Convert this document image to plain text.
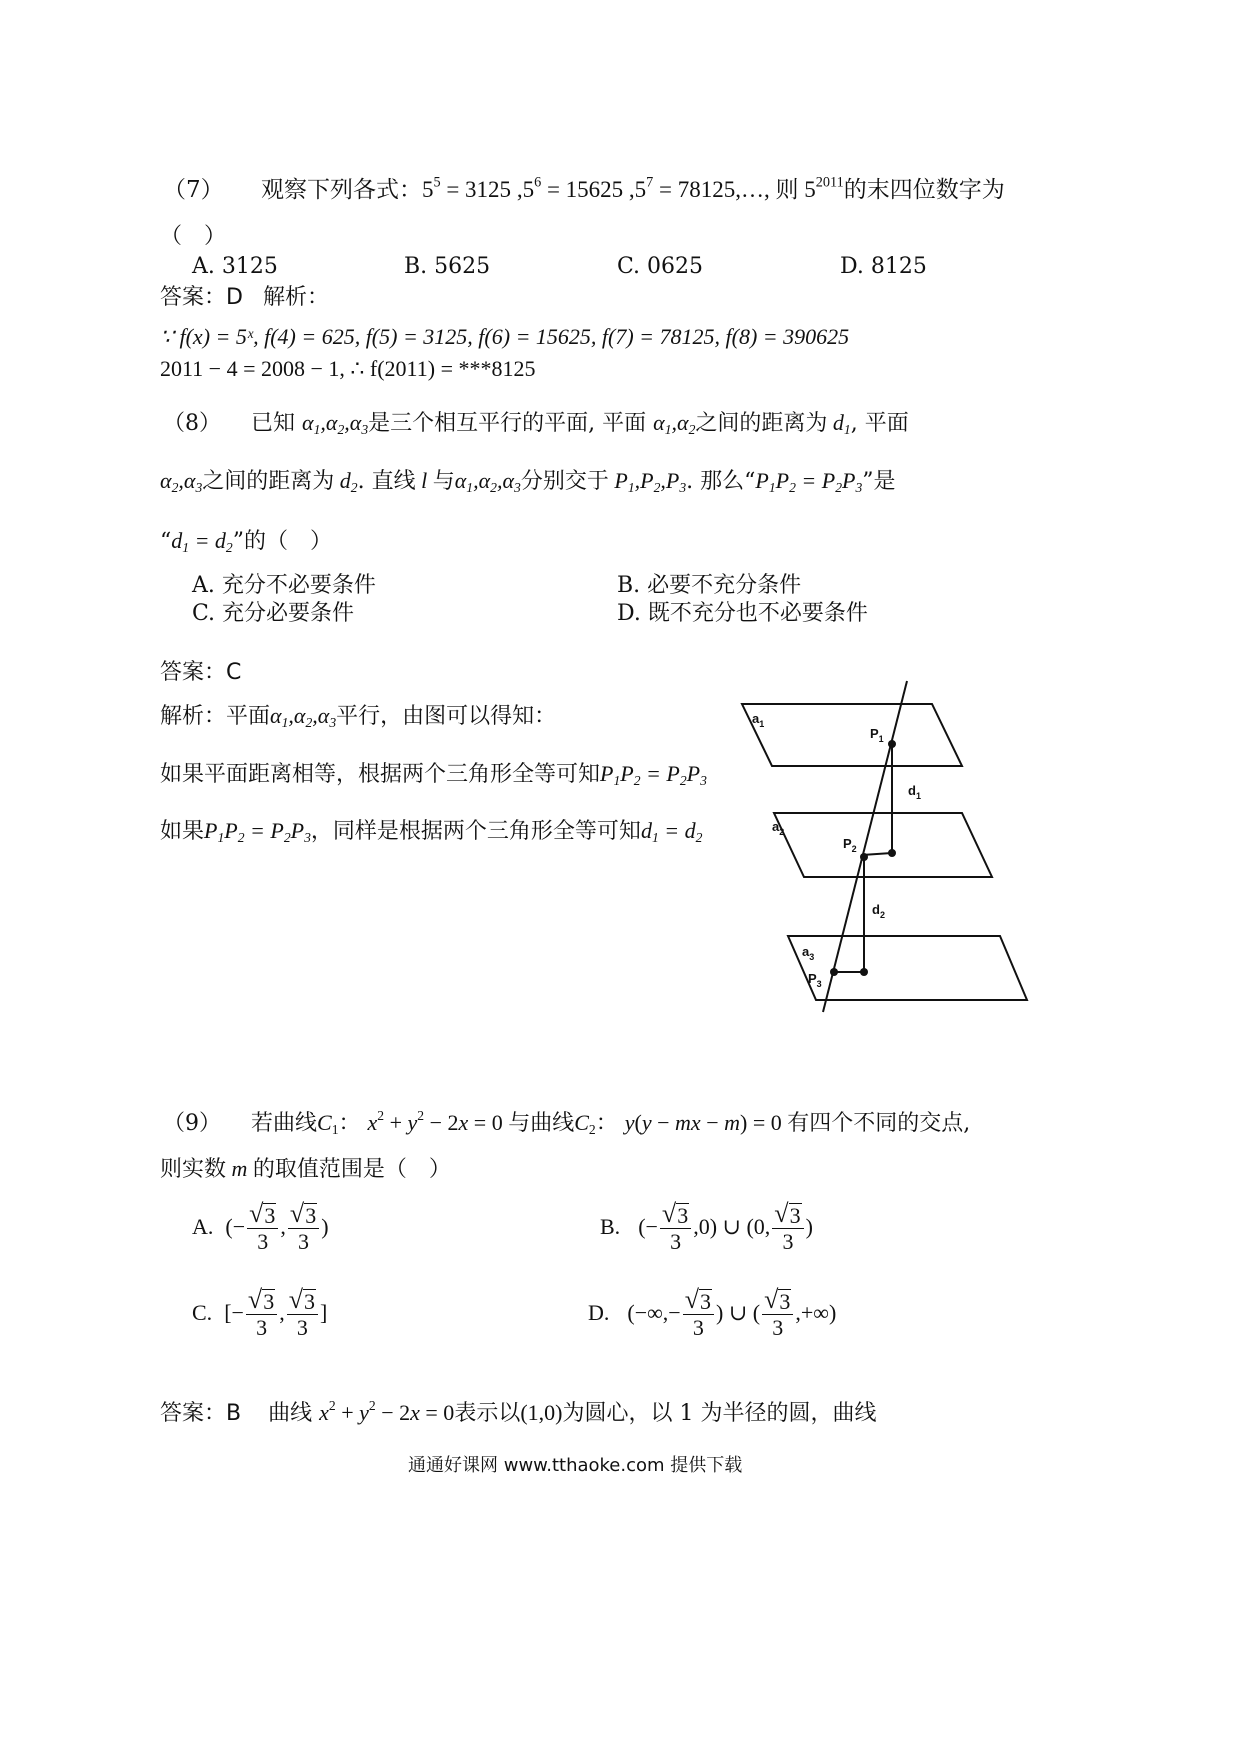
（7） 观察下列各式：$5^5 = 3125$ $,5^6 = 15625$ $,5^7$ = 78125,…, 则 $5^{2011}$的末四位数字为
（　）
A. 3125	B. 5625	C. 0625	D. 8125
答案：D 解析：
∵ f(x) = 5ˣ, f(4) = 625, f(5) = 3125, f(6) = 15625, f(7) = 78125, f(8) = 390625
2011 − 4 = 2008 − 1, ∴ f(2011) = ***8125
（8） 已知 $\alpha_1,\alpha_2,\alpha_3$是三个相互平行的平面, 平面 $\alpha_1,\alpha_2$之间的距离为 $d_1$, 平面
$\alpha_2,\alpha_3$之间的距离为 $d_2$. 直线 l 与$\alpha_1,\alpha_2,\alpha_3$分别交于 $P_1,P_2,P_3$. 那么“$P_1P_2 = P_2P_3$”是
“$d_1 = d_2$”的（　）
A. 充分不必要条件	B. 必要不充分条件
C. 充分必要条件	D. 既不充分也不必要条件
答案：C
解析：平面$\alpha_1,\alpha_2,\alpha_3$平行，由图可以得知：
如果平面距离相等，根据两个三角形全等可知$P_1P_2 = P_2P_3$
如果$P_1P_2 = P_2P_3$，同样是根据两个三角形全等可知$d_1 = d_2$
$a_1$
$P_1$
$d_1$
$a_2$
$P_2$
$d_2$
$a_3$
$P_3$
（9） 若曲线$C_1$： $x^2 + y^2 - 2x = 0$ 与曲线$C_2$： y(y − mx − m) = 0 有四个不同的交点,
则实数 m 的取值范围是（　）
A. (− $\frac{√ 3}{3}$ , $\frac{√ 3}{3}$ )	B. (− $\frac{√ 3}{3} ,0$) ∪ (0, $\frac{√ 3}{3}$ )
C. [− $\frac{√ 3}{3}$ , $\frac{√ 3}{3}$ ]	D. (−∞,− $\frac{√ 3}{3}$ ) ∪ ( $\frac{√ 3}{3}$ ,+∞)
答案：B 曲线 $x^2 + y^2 - 2x = 0$表示以(1,0)为圆心，以 1 为半径的圆，曲线
通通好课网 www.tthaoke.com 提供下载
